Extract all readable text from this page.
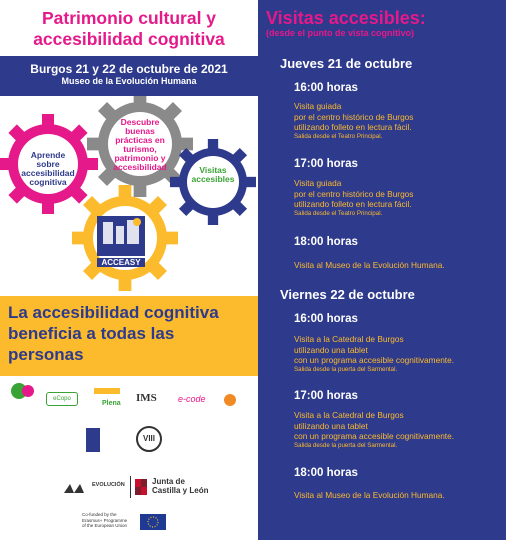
Patrimonio cultural y
accesibilidad cognitiva
Burgos 21 y 22 de octubre de 2021
Museo de la Evolución Humana
Aprende
sobre
accesibilidad
cognitiva
Descubre
buenas
prácticas en
turismo,
patrimonio y
accesibilidad	Visitas
accesibles
ACCEASY
La accesibilidad cognitiva
beneficia a todas las
personas
eCopo
Plena IMS e-code
VIII
EVOLUCIÓN	Junta de
Castilla y León
Co-funded by the
Erasmus+ Programme
of the European Union
Visitas accesibles:
(desde el punto de vista cognitivo)
Jueves 21 de octubre
16:00 horas
Visita guiada
por el centro histórico de Burgos
utilizando folleto en lectura fácil.
Salida desde el Teatro Principal.
17:00 horas
Visita guiada
por el centro histórico de Burgos
utilizando folleto en lectura fácil.
Salida desde el Teatro Principal.
18:00 horas
Visita al Museo de la Evolución Humana.
Viernes 22 de octubre
16:00 horas
Visita a la Catedral de Burgos
utilizando una tablet
con un programa accesible cognitivamente.
Salida desde la puerta del Sarmental.
17:00 horas
Visita a la Catedral de Burgos
utilizando una tablet
con un programa accesible cognitivamente.
Salida desde la puerta del Sarmental.
18:00 horas
Visita al Museo de la Evolución Humana.
